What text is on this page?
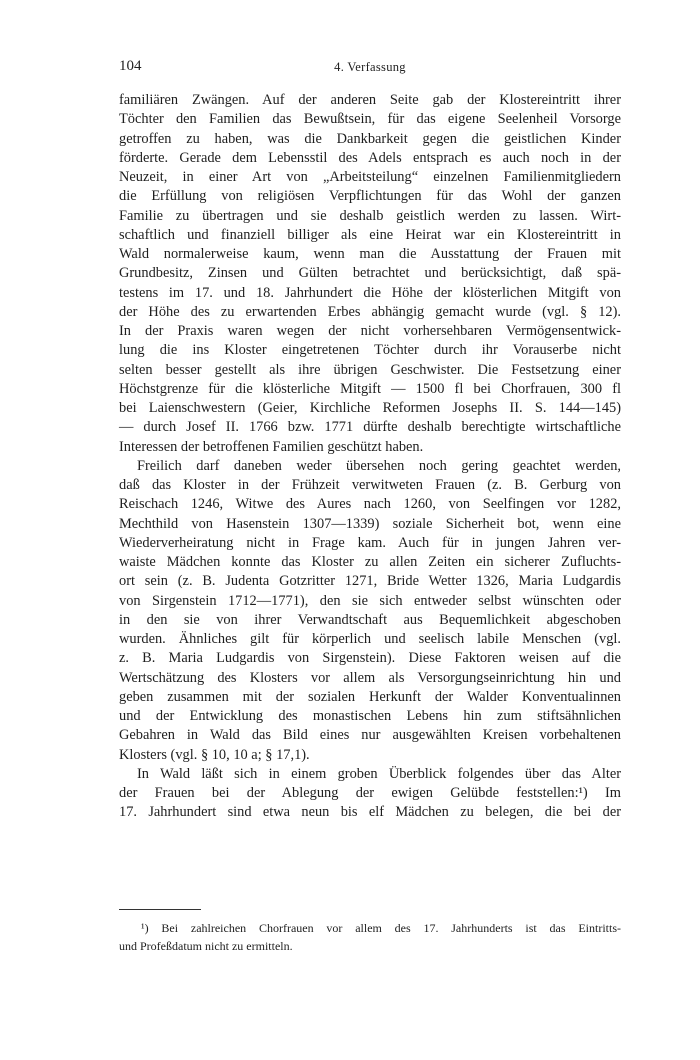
104	4. Verfassung
familiären Zwängen. Auf der anderen Seite gab der Klostereintritt ihrer
Töchter den Familien das Bewußtsein, für das eigene Seelenheil Vorsorge
getroffen zu haben, was die Dankbarkeit gegen die geistlichen Kinder
förderte. Gerade dem Lebensstil des Adels entsprach es auch noch in der
Neuzeit, in einer Art von „Arbeitsteilung“ einzelnen Familienmitgliedern
die Erfüllung von religiösen Verpflichtungen für das Wohl der ganzen
Familie zu übertragen und sie deshalb geistlich werden zu lassen. Wirt-
schaftlich und finanziell billiger als eine Heirat war ein Klostereintritt in
Wald normalerweise kaum, wenn man die Ausstattung der Frauen mit
Grundbesitz, Zinsen und Gülten betrachtet und berücksichtigt, daß spä-
testens im 17. und 18. Jahrhundert die Höhe der klösterlichen Mitgift von
der Höhe des zu erwartenden Erbes abhängig gemacht wurde (vgl. § 12).
In der Praxis waren wegen der nicht vorhersehbaren Vermögensentwick-
lung die ins Kloster eingetretenen Töchter durch ihr Vorauserbe nicht
selten besser gestellt als ihre übrigen Geschwister. Die Festsetzung einer
Höchstgrenze für die klösterliche Mitgift — 1500 fl bei Chorfrauen, 300 fl
bei Laienschwestern (Geier, Kirchliche Reformen Josephs II. S. 144—145)
— durch Josef II. 1766 bzw. 1771 dürfte deshalb berechtigte wirtschaftliche
Interessen der betroffenen Familien geschützt haben.
Freilich darf daneben weder übersehen noch gering geachtet werden,
daß das Kloster in der Frühzeit verwitweten Frauen (z. B. Gerburg von
Reischach 1246, Witwe des Aures nach 1260, von Seelfingen vor 1282,
Mechthild von Hasenstein 1307—1339) soziale Sicherheit bot, wenn eine
Wiederverheiratung nicht in Frage kam. Auch für in jungen Jahren ver-
waiste Mädchen konnte das Kloster zu allen Zeiten ein sicherer Zufluchts-
ort sein (z. B. Judenta Gotzritter 1271, Bride Wetter 1326, Maria Ludgardis
von Sirgenstein 1712—1771), den sie sich entweder selbst wünschten oder
in den sie von ihrer Verwandtschaft aus Bequemlichkeit abgeschoben
wurden. Ähnliches gilt für körperlich und seelisch labile Menschen (vgl.
z. B. Maria Ludgardis von Sirgenstein). Diese Faktoren weisen auf die
Wertschätzung des Klosters vor allem als Versorgungseinrichtung hin und
geben zusammen mit der sozialen Herkunft der Walder Konventualinnen
und der Entwicklung des monastischen Lebens hin zum stiftsähnlichen
Gebahren in Wald das Bild eines nur ausgewählten Kreisen vorbehaltenen
Klosters (vgl. § 10, 10 a; § 17,1).
In Wald läßt sich in einem groben Überblick folgendes über das Alter
der Frauen bei der Ablegung der ewigen Gelübde feststellen:¹) Im
17. Jahrhundert sind etwa neun bis elf Mädchen zu belegen, die bei der
¹) Bei zahlreichen Chorfrauen vor allem des 17. Jahrhunderts ist das Eintritts-
und Profeßdatum nicht zu ermitteln.
